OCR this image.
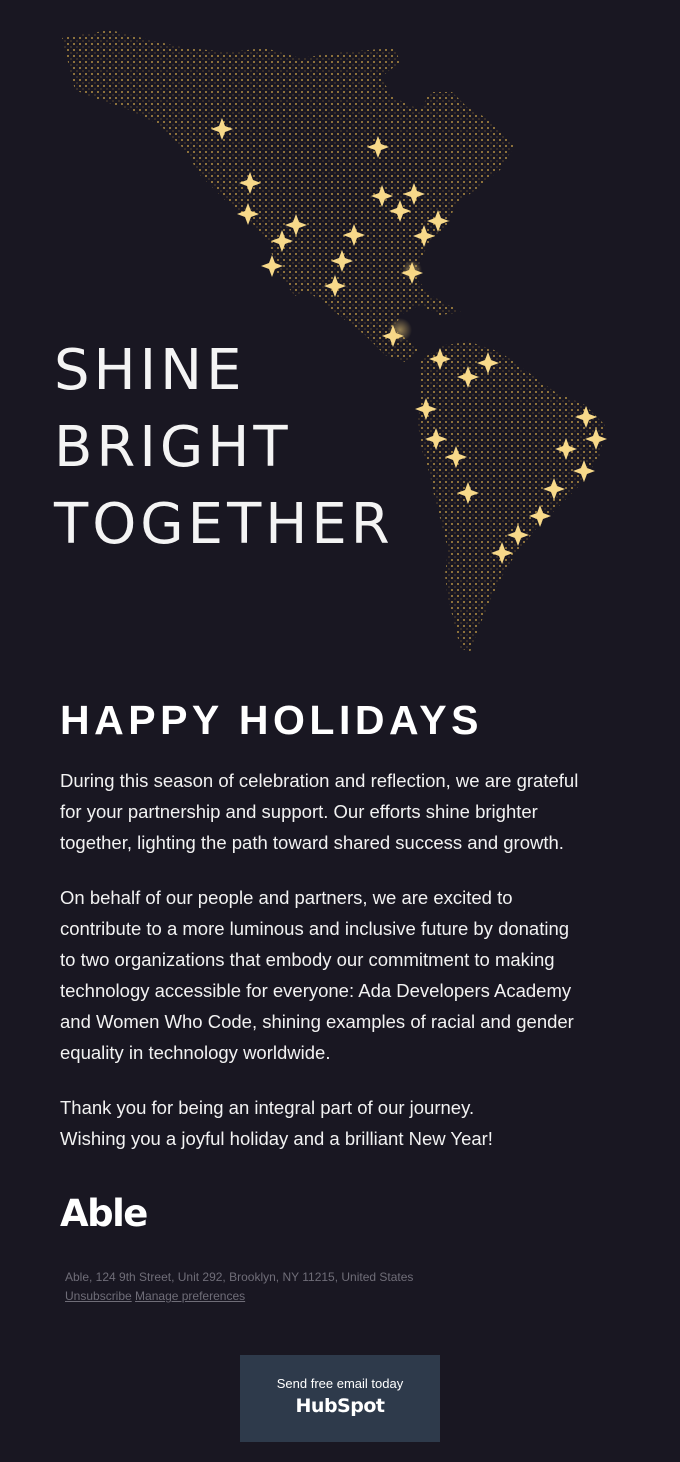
SHINE
BRIGHT
TOGETHER
HAPPY HOLIDAYS

During this season of celebration and reflection, we are grateful for your partnership and support. Our efforts shine brighter together, lighting the path toward shared success and growth.

On behalf of our people and partners, we are excited to contribute to a more luminous and inclusive future by donating to two organizations that embody our commitment to making technology accessible for everyone: Ada Developers Academy and Women Who Code, shining examples of racial and gender equality in technology worldwide.

Thank you for being an integral part of our journey.
Wishing you a joyful holiday and a brilliant New Year!

Able
Able, 124 9th Street, Unit 292, Brooklyn, NY 11215, United States
Unsubscribe Manage preferences
Send free email today
HubSpot
